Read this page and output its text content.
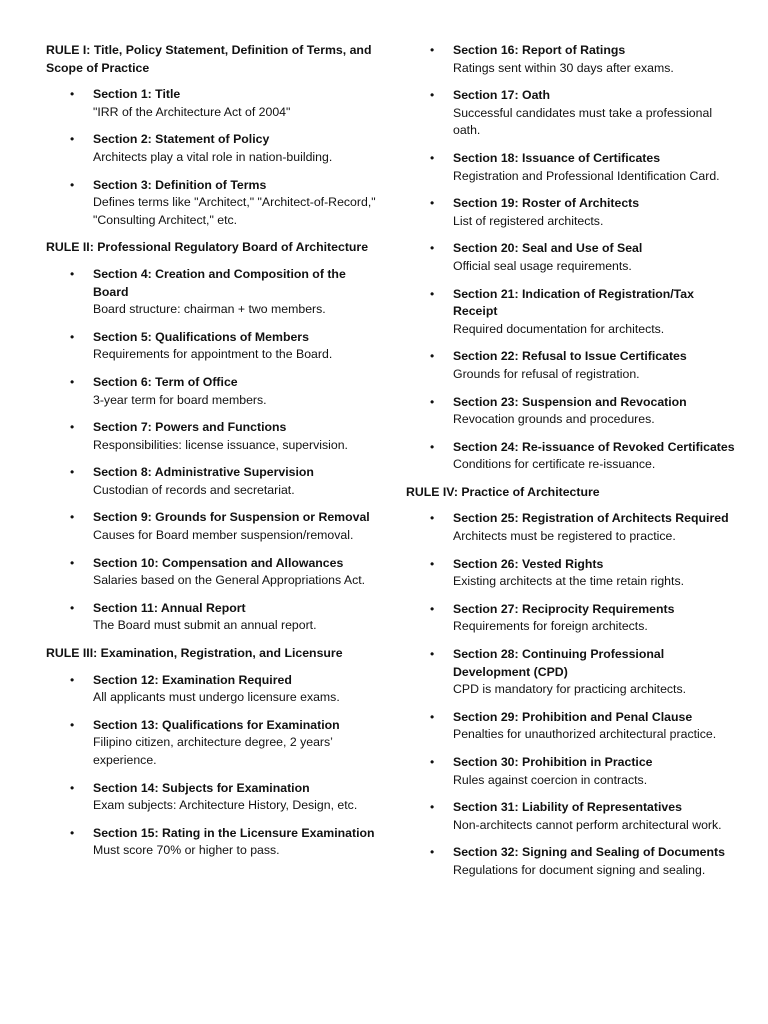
RULE I: Title, Policy Statement, Definition of Terms, and Scope of Practice
• Section 1: Title
"IRR of the Architecture Act of 2004"
• Section 2: Statement of Policy
Architects play a vital role in nation-building.
• Section 3: Definition of Terms
Defines terms like "Architect," "Architect-of-Record," "Consulting Architect," etc.
RULE II: Professional Regulatory Board of Architecture
• Section 4: Creation and Composition of the Board
Board structure: chairman + two members.
• Section 5: Qualifications of Members
Requirements for appointment to the Board.
• Section 6: Term of Office
3-year term for board members.
• Section 7: Powers and Functions
Responsibilities: license issuance, supervision.
• Section 8: Administrative Supervision
Custodian of records and secretariat.
• Section 9: Grounds for Suspension or Removal
Causes for Board member suspension/removal.
• Section 10: Compensation and Allowances
Salaries based on the General Appropriations Act.
• Section 11: Annual Report
The Board must submit an annual report.
RULE III: Examination, Registration, and Licensure
• Section 12: Examination Required
All applicants must undergo licensure exams.
• Section 13: Qualifications for Examination
Filipino citizen, architecture degree, 2 years’ experience.
• Section 14: Subjects for Examination
Exam subjects: Architecture History, Design, etc.
• Section 15: Rating in the Licensure Examination
Must score 70% or higher to pass.
• Section 16: Report of Ratings
Ratings sent within 30 days after exams.
• Section 17: Oath
Successful candidates must take a professional oath.
• Section 18: Issuance of Certificates
Registration and Professional Identification Card.
• Section 19: Roster of Architects
List of registered architects.
• Section 20: Seal and Use of Seal
Official seal usage requirements.
• Section 21: Indication of Registration/Tax Receipt
Required documentation for architects.
• Section 22: Refusal to Issue Certificates
Grounds for refusal of registration.
• Section 23: Suspension and Revocation
Revocation grounds and procedures.
• Section 24: Re-issuance of Revoked Certificates
Conditions for certificate re-issuance.
RULE IV: Practice of Architecture
• Section 25: Registration of Architects Required
Architects must be registered to practice.
• Section 26: Vested Rights
Existing architects at the time retain rights.
• Section 27: Reciprocity Requirements
Requirements for foreign architects.
• Section 28: Continuing Professional Development (CPD)
CPD is mandatory for practicing architects.
• Section 29: Prohibition and Penal Clause
Penalties for unauthorized architectural practice.
• Section 30: Prohibition in Practice
Rules against coercion in contracts.
• Section 31: Liability of Representatives
Non-architects cannot perform architectural work.
• Section 32: Signing and Sealing of Documents
Regulations for document signing and sealing.
